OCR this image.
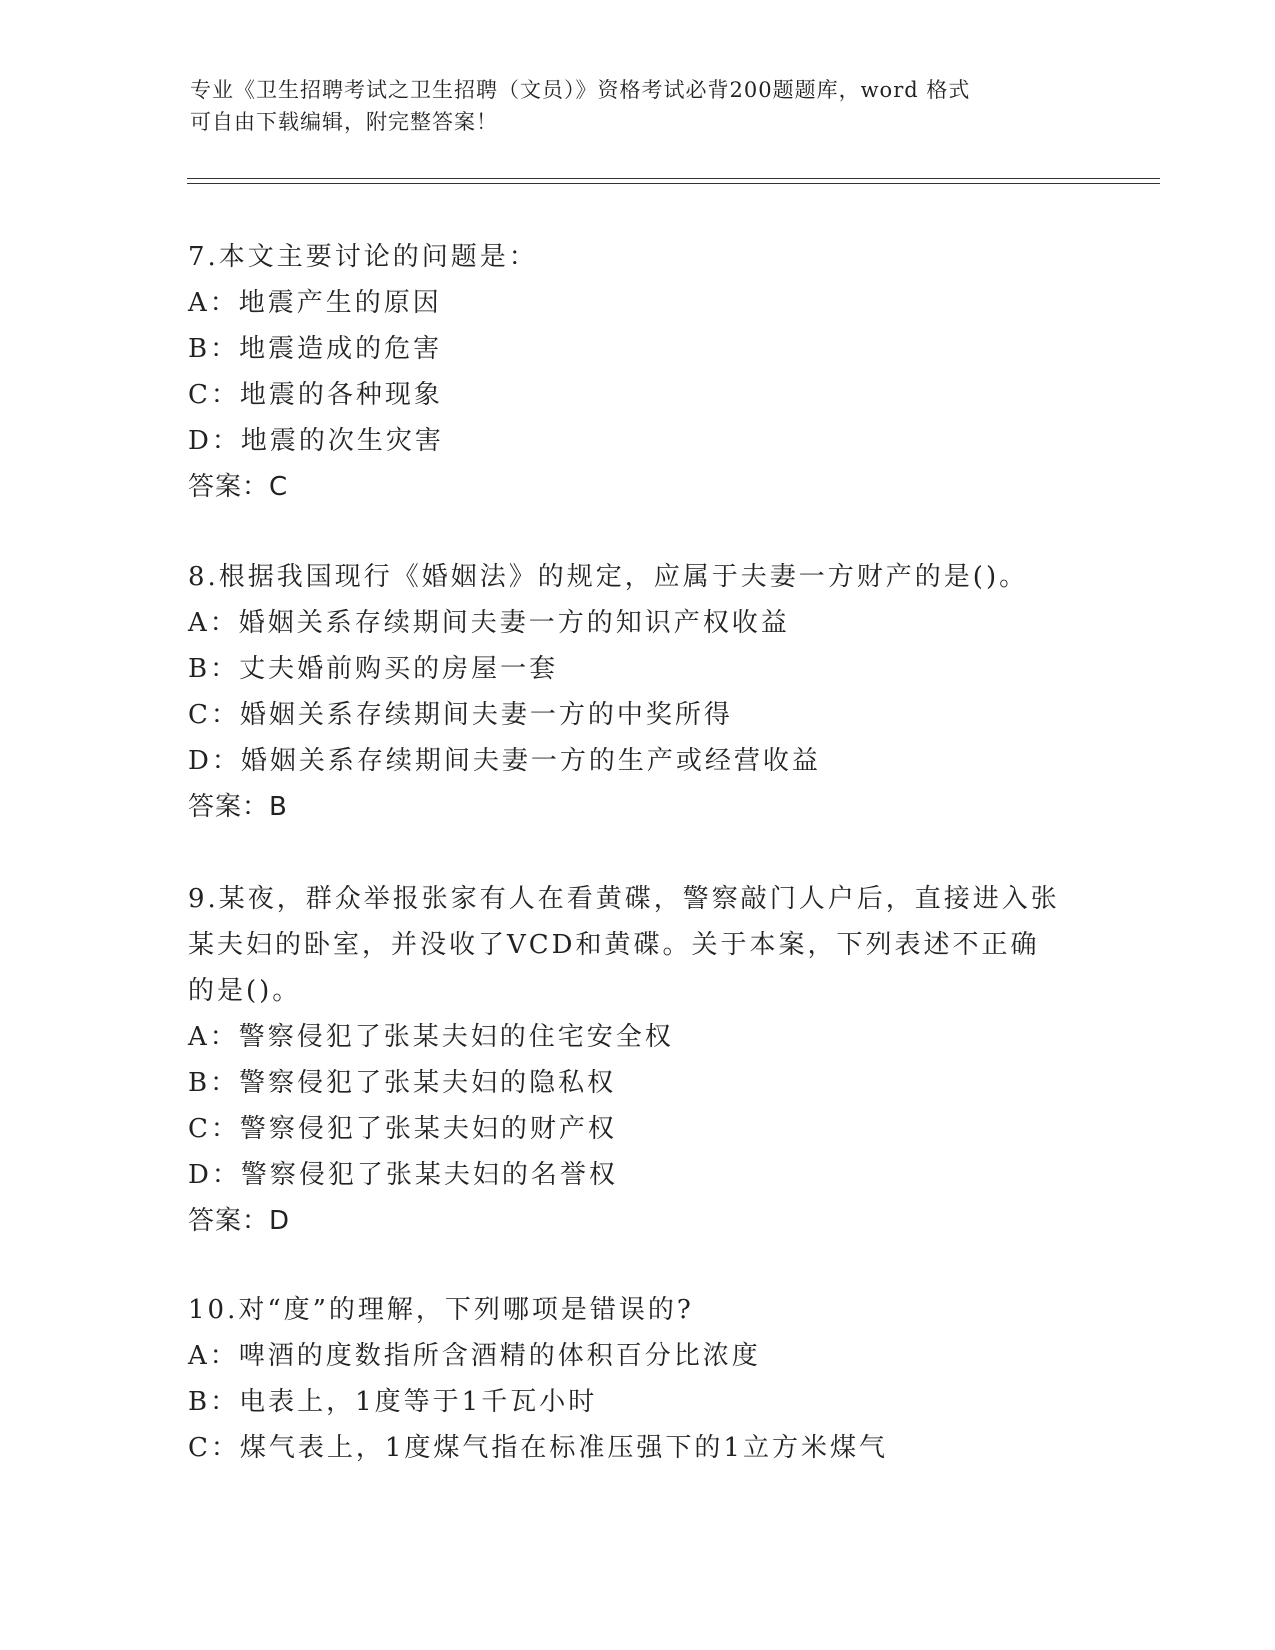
专业《卫生招聘考试之卫生招聘（文员）》资格考试必背200题题库，word 格式
可自由下载编辑，附完整答案！
7.本文主要讨论的问题是：
A：地震产生的原因
B：地震造成的危害
C：地震的各种现象
D：地震的次生灾害
答案：C
8.根据我国现行《婚姻法》的规定，应属于夫妻一方财产的是()。
A：婚姻关系存续期间夫妻一方的知识产权收益
B：丈夫婚前购买的房屋一套
C：婚姻关系存续期间夫妻一方的中奖所得
D：婚姻关系存续期间夫妻一方的生产或经营收益
答案：B
9.某夜，群众举报张家有人在看黄碟，警察敲门人户后，直接进入张某夫妇的卧室，并没收了VCD和黄碟。关于本案，下列表述不正确的是()。
A：警察侵犯了张某夫妇的住宅安全权
B：警察侵犯了张某夫妇的隐私权
C：警察侵犯了张某夫妇的财产权
D：警察侵犯了张某夫妇的名誉权
答案：D
10.对“度”的理解，下列哪项是错误的?
A：啤酒的度数指所含酒精的体积百分比浓度
B：电表上，1度等于1千瓦小时
C：煤气表上，1度煤气指在标准压强下的1立方米煤气
